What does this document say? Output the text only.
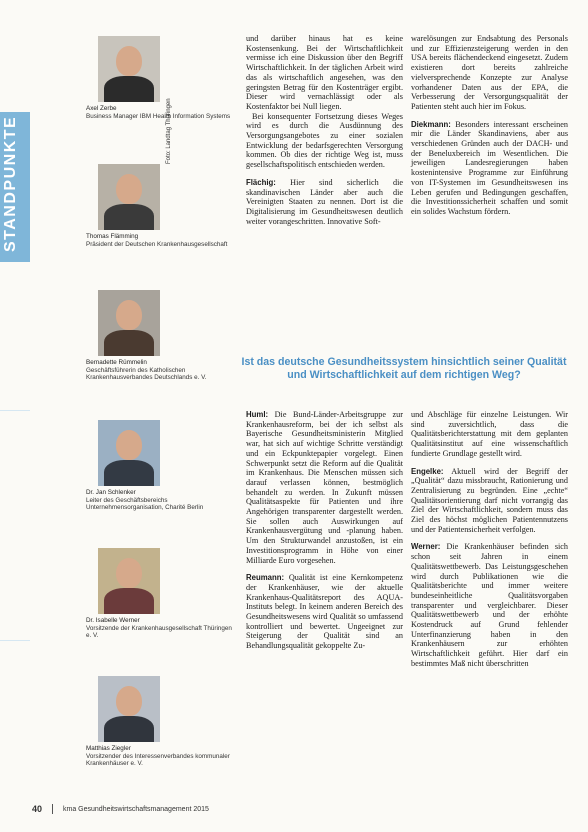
STANDPUNKTE
Axel Zerbe
Business Manager IBM Health Information Systems
Thomas Flämming
Präsident der Deutschen Krankenhausgesellschaft
Foto: Landtag Thüringen
Bernadette Rümmelin
Geschäftsführerin des Katholischen Krankenhausverbandes Deutschlands e. V.
Dr. Jan Schlenker
Leiter des Geschäftsbereichs Unternehmensorganisation, Charité Berlin
Dr. Isabelle Werner
Vorsitzende der Krankenhausgesellschaft Thüringen e. V.
Matthias Ziegler
Vorsitzender des Interessenverbandes kommunaler Krankenhäuser e. V.

und darüber hinaus hat es keine Kostensenkung. Bei der Wirtschaftlichkeit vermisse ich eine Diskussion über den Begriff Wirtschaftlichkeit. In der täglichen Arbeit wird das als wirtschaftlich angesehen, was den geringsten Betrag für den Kostenträger ergibt. Dieser wird vernachlässigt oder als Kostenfaktor bei Null liegen.

Bei konsequenter Fortsetzung dieses Weges wird es durch die Ausdünnung des Versorgungsangebotes zu einer sozialen Entwicklung der bedarfsgerechten Versorgung kommen. Ob dies der richtige Weg ist, muss gesellschaftspolitisch entschieden werden.

Flächig: Hier sind sicherlich die skandinavischen Länder aber auch die Vereinigten Staaten zu nennen. Dort ist die Digitalisierung im Gesundheitswesen deutlich weiter vorangeschritten. Innovative Soft-

warelösungen zur Endsabtung des Personals und zur Effizienzsteigerung werden in den USA bereits flächendeckend eingesetzt. Zudem existieren dort bereits zahlreiche vielversprechende Konzepte zur Analyse vorhandener Daten aus der EPA, die Verbesserung der Versorgungsqualität der Patienten steht auch hier im Fokus.

Diekmann: Besonders interessant erscheinen mir die Länder Skandinaviens, aber aus verschiedenen Gründen auch der DACH- und der Beneluxbereich im Wesentlichen. Die jeweiligen Landesregierungen haben kostenintensive Programme zur Einführung von IT-Systemen im Gesundheitswesen ins Leben gerufen und Bedingungen geschaffen, die Investitionssicherheit schaffen und somit ein solides Wachstum fördern.

Ist das deutsche Gesundheitssystem hinsichtlich seiner Qualität und Wirtschaftlichkeit auf dem richtigen Weg?

Huml: Die Bund-Länder-Arbeitsgruppe zur Krankenhausreform, bei der ich selbst als Bayerische Gesundheitsministerin Mitglied war, hat sich auf wichtige Schritte verständigt und ein Eckpunktepapier vorgelegt. Einen Schwerpunkt setzt die Reform auf die Qualität im Krankenhaus. Die Menschen müssen sich darauf verlassen können, bestmöglich behandelt zu werden. In Zukunft müssen Qualitätsaspekte für Patienten und ihre Angehörigen transparenter dargestellt werden. Sie sollen auch Auswirkungen auf Krankenhausvergütung und -planung haben. Um den Strukturwandel anzustoßen, ist ein Investitionsprogramm in Höhe von einer Milliarde Euro vorgesehen.

Reumann: Qualität ist eine Kernkompetenz der Krankenhäuser, wie der aktuelle Krankenhaus-Qualitätsreport des AQUA-Instituts belegt. In keinem anderen Bereich des Gesundheitswesens wird Qualität so umfassend kontrolliert und bewertet. Ungeeignet zur Steigerung der Qualität sind an Behandlungsqualität gekoppelte Zu-

und Abschläge für einzelne Leistungen. Wir sind zuversichtlich, dass die Qualitätsberichterstattung mit dem geplanten Qualitätsinstitut auf eine wissenschaftlich fundierte Grundlage gestellt wird.

Engelke: Aktuell wird der Begriff der „Qualität“ dazu missbraucht, Rationierung und Zentralisierung zu begründen. Eine „echte“ Qualitätsorientierung darf nicht vorrangig das Ziel der Wirtschaftlichkeit, sondern muss das Ziel des höchst möglichen Patientennutzens und der Patientensicherheit verfolgen.

Werner: Die Krankenhäuser befinden sich schon seit Jahren in einem Qualitätswettbewerb. Das Leistungsgeschehen wird durch Publikationen wie die Qualitätsberichte und immer weitere bundeseinheitliche Qualitätsvorgaben transparenter und vergleichbarer. Dieser Qualitätswettbewerb und der erhöhte Kostendruck auf Grund fehlender Unterfinanzierung haben in den Krankenhäusern zur erhöhten Wirtschaftlichkeit geführt. Hier darf ein bestimmtes Maß nicht überschritten

40	kma Gesundheitswirtschaftsmanagement 2015
